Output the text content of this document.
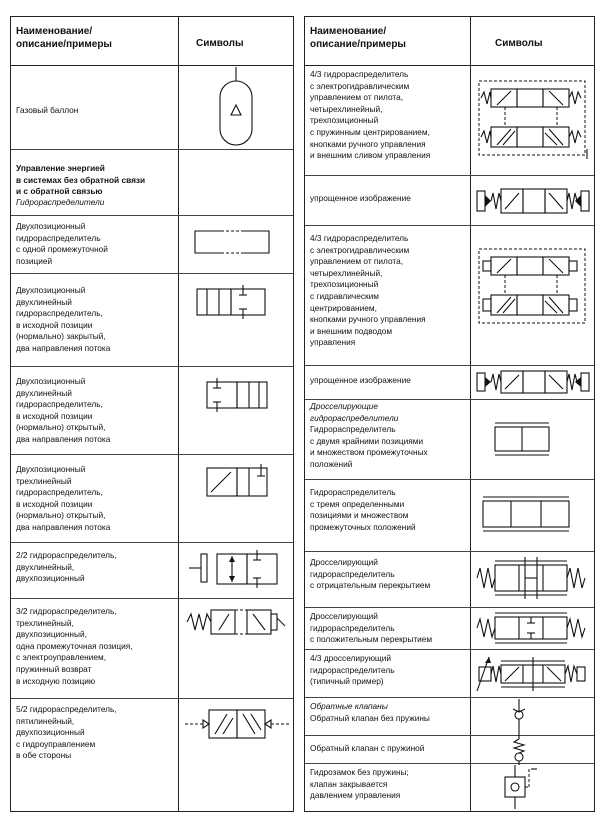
Наименование/
описание/примеры	Символы
Газовый баллон
Управление энергией
в системах без обратной связи
и с обратной связью
Гидрораспределители
Двухпозиционный
гидрораспределитель
с одной промежуточной
позицией
Двухпозиционный
двухлинейный
гидрораспределитель,
в исходной позиции
(нормально) закрытый,
два направления потока
Двухпозиционный
двухлинейный
гидрораспределитель,
в исходной позиции
(нормально) открытый,
два направления потока
Двухпозиционный
трехлинейный
гидрораспределитель,
в исходной позиции
(нормально) открытый,
два направления потока
2/2 гидрораспределитель,
двухлинейный,
двухпозиционный
3/2 гидрораспределитель,
трехлинейный,
двухпозиционный,
одна промежуточная позиция,
с электроуправлением,
пружинный возврат
в исходную позицию
5/2 гидрораспределитель,
пятилинейный,
двухпозиционный
с гидроуправлением
в обе стороны
Наименование/
описание/примеры	Символы
4/3 гидрораспределитель
с электрогидравлическим
управлением от пилота,
четырехлинейный,
трехпозиционный
с пружинным центрированием,
кнопками ручного управления
и внешним сливом управления
упрощенное изображение
4/3 гидрораспределитель
с электрогидравлическим
управлением от пилота,
четырехлинейный,
трехпозиционный
с гидравлическим
центрированием,
кнопками ручного управления
и внешним подводом
управления
упрощенное изображение
Дросселирующие
гидрораспределители
Гидрораспределитель
с двумя крайними позициями
и множеством промежуточных
положений
Гидрораспределитель
с тремя определенными
позициями и множеством
промежуточных положений
Дросселирующий
гидрораспределитель
с отрицательным перекрытием
Дросселирующий
гидрораспределитель
с положительным перекрытием
4/3 дросселирующий
гидрораспределитель
(типичный пример)
Обратные клапаны
Обратный клапан без пружины
Обратный клапан с пружиной
Гидрозамок без пружины;
клапан закрывается
давлением управления
